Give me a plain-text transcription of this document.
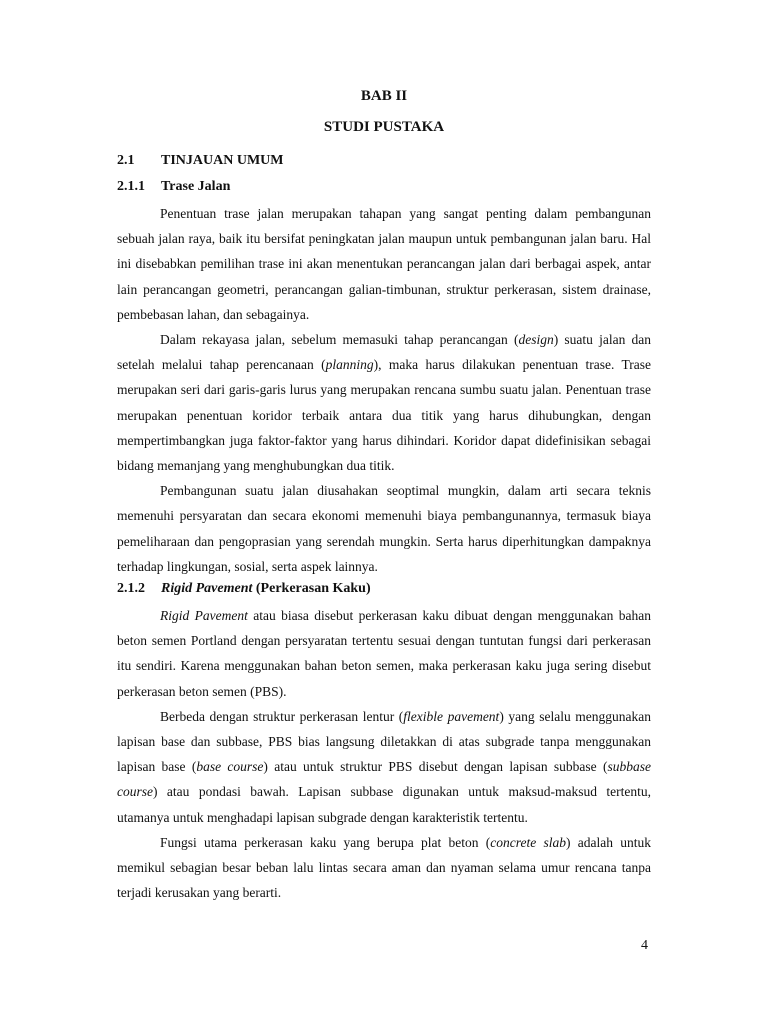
BAB II
STUDI PUSTAKA
2.1 TINJAUAN UMUM
2.1.1 Trase Jalan

Penentuan trase jalan merupakan tahapan yang sangat penting dalam pembangunan sebuah jalan raya, baik itu bersifat peningkatan jalan maupun untuk pembangunan jalan baru. Hal ini disebabkan pemilihan trase ini akan menentukan perancangan jalan dari berbagai aspek, antar lain perancangan geometri, perancangan galian-timbunan, struktur perkerasan, sistem drainase, pembebasan lahan, dan sebagainya.

Dalam rekayasa jalan, sebelum memasuki tahap perancangan (design) suatu jalan dan setelah melalui tahap perencanaan (planning), maka harus dilakukan penentuan trase. Trase merupakan seri dari garis-garis lurus yang merupakan rencana sumbu suatu jalan. Penentuan trase merupakan penentuan koridor terbaik antara dua titik yang harus dihubungkan, dengan mempertimbangkan juga faktor-faktor yang harus dihindari. Koridor dapat didefinisikan sebagai bidang memanjang yang menghubungkan dua titik.

Pembangunan suatu jalan diusahakan seoptimal mungkin, dalam arti secara teknis memenuhi persyaratan dan secara ekonomi memenuhi biaya pembangunannya, termasuk biaya pemeliharaan dan pengoprasian yang serendah mungkin. Serta harus diperhitungkan dampaknya terhadap lingkungan, sosial, serta aspek lainnya.

2.1.2 Rigid Pavement (Perkerasan Kaku)

Rigid Pavement atau biasa disebut perkerasan kaku dibuat dengan menggunakan bahan beton semen Portland dengan persyaratan tertentu sesuai dengan tuntutan fungsi dari perkerasan itu sendiri. Karena menggunakan bahan beton semen, maka perkerasan kaku juga sering disebut perkerasan beton semen (PBS).

Berbeda dengan struktur perkerasan lentur (flexible pavement) yang selalu menggunakan lapisan base dan subbase, PBS bias langsung diletakkan di atas subgrade tanpa menggunakan lapisan base (base course) atau untuk struktur PBS disebut dengan lapisan subbase (subbase course) atau pondasi bawah. Lapisan subbase digunakan untuk maksud-maksud tertentu, utamanya untuk menghadapi lapisan subgrade dengan karakteristik tertentu.

Fungsi utama perkerasan kaku yang berupa plat beton (concrete slab) adalah untuk memikul sebagian besar beban lalu lintas secara aman dan nyaman selama umur rencana tanpa terjadi kerusakan yang berarti.

4
